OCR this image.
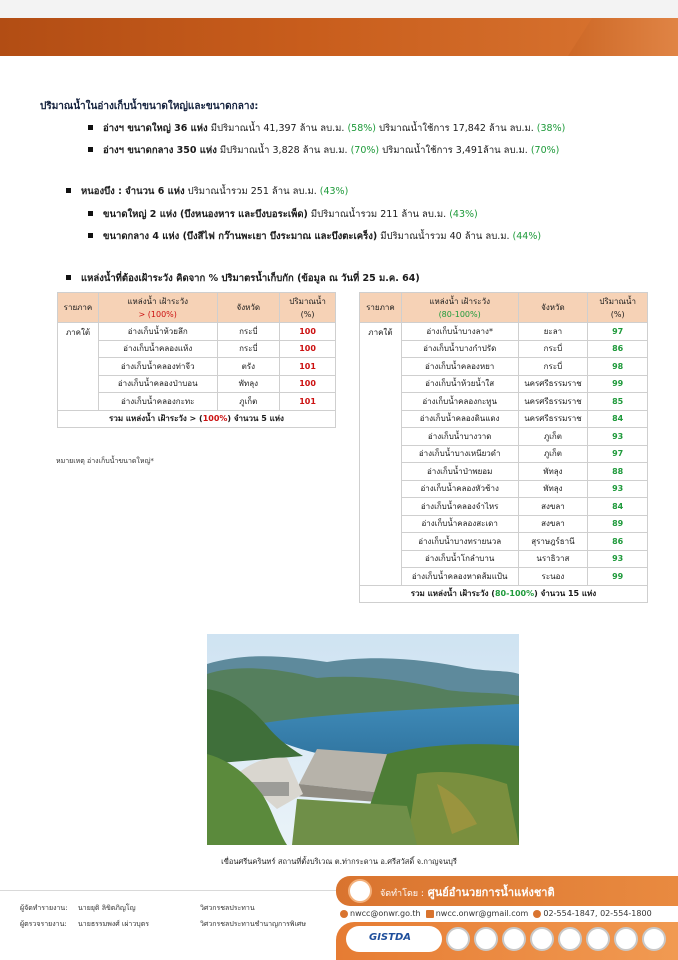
ปริมาณน้ำในอ่างเก็บน้ำขนาดใหญ่และขนาดกลาง:
อ่างฯ ขนาดใหญ่ 36 แห่ง มีปริมาณน้ำ 41,397 ล้าน ลบ.ม. (58%) ปริมาณน้ำใช้การ 17,842 ล้าน ลบ.ม. (38%)
อ่างฯ ขนาดกลาง 350 แห่ง มีปริมาณน้ำ 3,828 ล้าน ลบ.ม. (70%) ปริมาณน้ำใช้การ 3,491ล้าน ลบ.ม. (70%)
หนองบึง : จำนวน 6 แห่ง ปริมาณน้ำรวม 251 ล้าน ลบ.ม. (43%)
ขนาดใหญ่ 2 แห่ง (บึงหนองหาร และบึงบอระเพ็ด) มีปริมาณน้ำรวม 211 ล้าน ลบ.ม. (43%)
ขนาดกลาง 4 แห่ง (บึงสีไฟ กว๊านพะเยา บึงระมาณ และบึงตะเคร็ง) มีปริมาณน้ำรวม 40 ล้าน ลบ.ม. (44%)
แหล่งน้ำที่ต้องเฝ้าระวัง คิดจาก % ปริมาตรน้ำเก็บกัก (ข้อมูล ณ วันที่ 25 ม.ค. 64)
รายภาค	แหล่งน้ำ เฝ้าระวัง
> (100%)	จังหวัด	ปริมาณน้ำ
(%)
ภาคใต้	อ่างเก็บน้ำห้วยลึก	กระบี่	100
	อ่างเก็บน้ำคลองแห้ง	กระบี่	100
	อ่างเก็บน้ำคลองท่าจีว	ตรัง	101
	อ่างเก็บน้ำคลองป่าบอน	พัทลุง	100
	อ่างเก็บน้ำคลองกะทะ	ภูเก็ต	101
รวม แหล่งน้ำ เฝ้าระวัง > (100%) จำนวน 5 แห่ง			
หมายเหตุ อ่างเก็บน้ำขนาดใหญ่*
รายภาค	แหล่งน้ำ เฝ้าระวัง
(80-100%)	จังหวัด	ปริมาณน้ำ
(%)
ภาคใต้	อ่างเก็บน้ำบางลาง*	ยะลา	97
	อ่างเก็บน้ำบางกำปรัด	กระบี่	86
	อ่างเก็บน้ำคลองหยา	กระบี่	98
	อ่างเก็บน้ำห้วยน้ำใส	นครศรีธรรมราช	99
	อ่างเก็บน้ำคลองกะทูน	นครศรีธรรมราช	85
	อ่างเก็บน้ำคลองดินแดง	นครศรีธรรมราช	84
	อ่างเก็บน้ำบางวาด	ภูเก็ต	93
	อ่างเก็บน้ำบางเหนียวดำ	ภูเก็ต	97
	อ่างเก็บน้ำป่าพยอม	พัทลุง	88
	อ่างเก็บน้ำคลองหัวช้าง	พัทลุง	93
	อ่างเก็บน้ำคลองจำไหร	สงขลา	84
	อ่างเก็บน้ำคลองสะเดา	สงขลา	89
	อ่างเก็บน้ำบางทรายนวล	สุราษฎร์ธานี	86
	อ่างเก็บน้ำโกลำบาน	นราธิวาส	93
	อ่างเก็บน้ำคลองหาดส้มแป้น	ระนอง	99
รวม แหล่งน้ำ เฝ้าระวัง (80-100%) จำนวน 15 แห่ง			
เขื่อนศรีนครินทร์ สถานที่ตั้งบริเวณ ต.ท่ากระดาน อ.ศรีสวัสดิ์ จ.กาญจนบุรี
ผู้จัดทำรายงาน: นายยุติ ลิขิตภิญโญ	วิศวกรชลประทาน
ผู้ตรวจรายงาน: นายธรรมพงศ์ เผ่าวบุตร	วิศวกรชลประทานชำนาญการพิเศษ
จัดทำโดย : ศูนย์อำนวยการน้ำแห่งชาติ
nwcc@onwr.go.th nwcc.onwr@gmail.com 02-554-1847, 02-554-1800
GISTDA
